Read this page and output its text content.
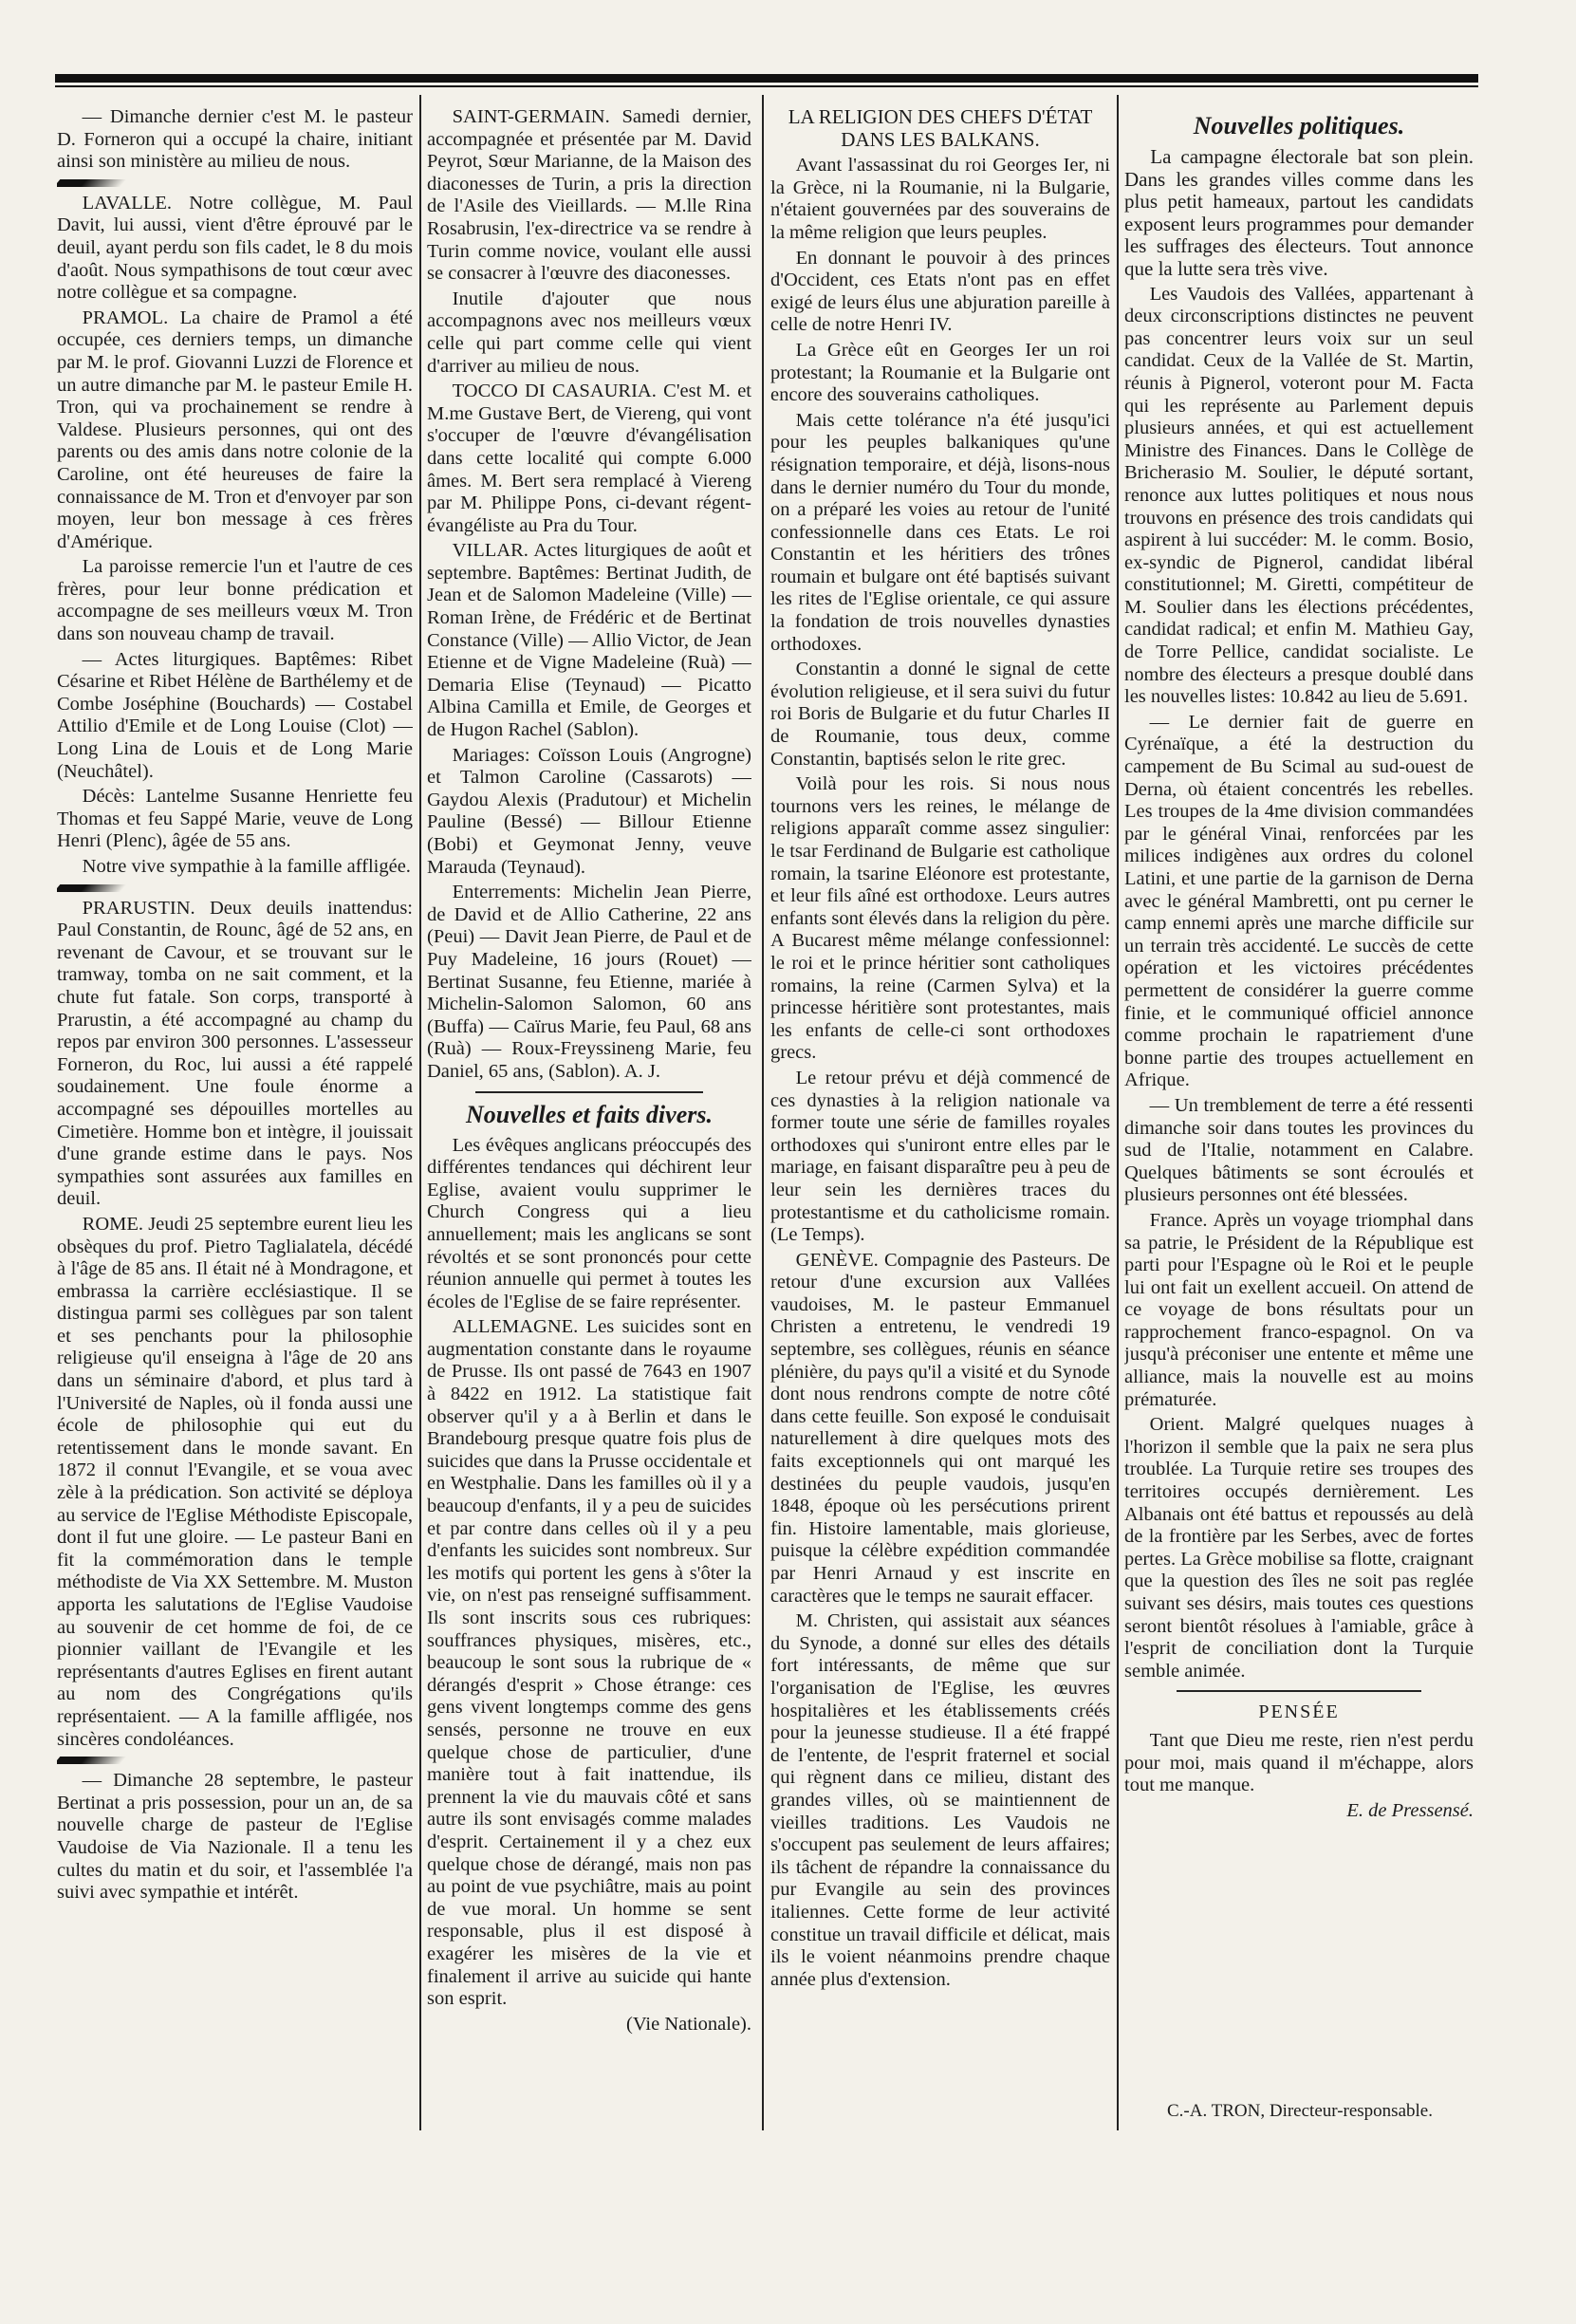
— Dimanche dernier c'est M. le pasteur D. Forneron qui a occupé la chaire, initiant ainsi son ministère au milieu de nous.

LAVALLE. Notre collègue, M. Paul Davit, lui aussi, vient d'être éprouvé par le deuil, ayant perdu son fils cadet, le 8 du mois d'août. Nous sympathisons de tout cœur avec notre collègue et sa compagne.

PRAMOL. La chaire de Pramol a été occupée, ces derniers temps, un dimanche par M. le prof. Giovanni Luzzi de Florence et un autre dimanche par M. le pasteur Emile H. Tron, qui va prochainement se rendre à Valdese. Plusieurs personnes, qui ont des parents ou des amis dans notre colonie de la Caroline, ont été heureuses de faire la connaissance de M. Tron et d'envoyer par son moyen, leur bon message à ces frères d'Amérique.

La paroisse remercie l'un et l'autre de ces frères, pour leur bonne prédication et accompagne de ses meilleurs vœux M. Tron dans son nouveau champ de travail.

— Actes liturgiques. Baptêmes: Ribet Césarine et Ribet Hélène de Barthélemy et de Combe Joséphine (Bouchards) — Costabel Attilio d'Emile et de Long Louise (Clot) — Long Lina de Louis et de Long Marie (Neuchâtel).

Décès: Lantelme Susanne Henriette feu Thomas et feu Sappé Marie, veuve de Long Henri (Plenc), âgée de 55 ans.

Notre vive sympathie à la famille affligée.

PRARUSTIN. Deux deuils inattendus: Paul Constantin, de Rounc, âgé de 52 ans, en revenant de Cavour, et se trouvant sur le tramway, tomba on ne sait comment, et la chute fut fatale. Son corps, transporté à Prarustin, a été accompagné au champ du repos par environ 300 personnes. L'assesseur Forneron, du Roc, lui aussi a été rappelé soudainement. Une foule énorme a accompagné ses dépouilles mortelles au Cimetière. Homme bon et intègre, il jouissait d'une grande estime dans le pays. Nos sympathies sont assurées aux familles en deuil.

ROME. Jeudi 25 septembre eurent lieu les obsèques du prof. Pietro Taglialatela, décédé à l'âge de 85 ans. Il était né à Mondragone, et embrassa la carrière ecclésiastique. Il se distingua parmi ses collègues par son talent et ses penchants pour la philosophie religieuse qu'il enseigna à l'âge de 20 ans dans un séminaire d'abord, et plus tard à l'Université de Naples, où il fonda aussi une école de philosophie qui eut du retentissement dans le monde savant. En 1872 il connut l'Evangile, et se voua avec zèle à la prédication. Son activité se déploya au service de l'Eglise Méthodiste Episcopale, dont il fut une gloire. — Le pasteur Bani en fit la commémoration dans le temple méthodiste de Via XX Settembre. M. Muston apporta les salutations de l'Eglise Vaudoise au souvenir de cet homme de foi, de ce pionnier vaillant de l'Evangile et les représentants d'autres Eglises en firent autant au nom des Congrégations qu'ils représentaient. — A la famille affligée, nos sincères condoléances.

— Dimanche 28 septembre, le pasteur Bertinat a pris possession, pour un an, de sa nouvelle charge de pasteur de l'Eglise Vaudoise de Via Nazionale. Il a tenu les cultes du matin et du soir, et l'assemblée l'a suivi avec sympathie et intérêt.

SAINT-GERMAIN. Samedi dernier, accompagnée et présentée par M. David Peyrot, Sœur Marianne, de la Maison des diaconesses de Turin, a pris la direction de l'Asile des Vieillards. — M.lle Rina Rosabrusin, l'ex-directrice va se rendre à Turin comme novice, voulant elle aussi se consacrer à l'œuvre des diaconesses.

Inutile d'ajouter que nous accompagnons avec nos meilleurs vœux celle qui part comme celle qui vient d'arriver au milieu de nous.

TOCCO DI CASAURIA. C'est M. et M.me Gustave Bert, de Viereng, qui vont s'occuper de l'œuvre d'évangélisation dans cette localité qui compte 6.000 âmes. M. Bert sera remplacé à Viereng par M. Philippe Pons, ci-devant régent-évangéliste au Pra du Tour.

VILLAR. Actes liturgiques de août et septembre. Baptêmes: Bertinat Judith, de Jean et de Salomon Madeleine (Ville) — Roman Irène, de Frédéric et de Bertinat Constance (Ville) — Allio Victor, de Jean Etienne et de Vigne Madeleine (Ruà) — Demaria Elise (Teynaud) — Picatto Albina Camilla et Emile, de Georges et de Hugon Rachel (Sablon).

Mariages: Coïsson Louis (Angrogne) et Talmon Caroline (Cassarots) — Gaydou Alexis (Pradutour) et Michelin Pauline (Bessé) — Billour Etienne (Bobi) et Geymonat Jenny, veuve Marauda (Teynaud).

Enterrements: Michelin Jean Pierre, de David et de Allio Catherine, 22 ans (Peui) — Davit Jean Pierre, de Paul et de Puy Madeleine, 16 jours (Rouet) — Bertinat Susanne, feu Etienne, mariée à Michelin-Salomon Salomon, 60 ans (Buffa) — Caïrus Marie, feu Paul, 68 ans (Ruà) — Roux-Freyssineng Marie, feu Daniel, 65 ans, (Sablon). A. J.

Nouvelles et faits divers.

Les évêques anglicans préoccupés des différentes tendances qui déchirent leur Eglise, avaient voulu supprimer le Church Congress qui a lieu annuellement; mais les anglicans se sont révoltés et se sont prononcés pour cette réunion annuelle qui permet à toutes les écoles de l'Eglise de se faire représenter.

ALLEMAGNE. Les suicides sont en augmentation constante dans le royaume de Prusse. Ils ont passé de 7643 en 1907 à 8422 en 1912. La statistique fait observer qu'il y a à Berlin et dans le Brandebourg presque quatre fois plus de suicides que dans la Prusse occidentale et en Westphalie. Dans les familles où il y a beaucoup d'enfants, il y a peu de suicides et par contre dans celles où il y a peu d'enfants les suicides sont nombreux. Sur les motifs qui portent les gens à s'ôter la vie, on n'est pas renseigné suffisamment. Ils sont inscrits sous ces rubriques: souffrances physiques, misères, etc., beaucoup le sont sous la rubrique de « dérangés d'esprit » Chose étrange: ces gens vivent longtemps comme des gens sensés, personne ne trouve en eux quelque chose de particulier, d'une manière tout à fait inattendue, ils prennent la vie du mauvais côté et sans autre ils sont envisagés comme malades d'esprit. Certainement il y a chez eux quelque chose de dérangé, mais non pas au point de vue psychiâtre, mais au point de vue moral. Un homme se sent responsable, plus il est disposé à exagérer les misères de la vie et finalement il arrive au suicide qui hante son esprit.

(Vie Nationale).

LA RELIGION DES CHEFS D'ÉTAT DANS LES BALKANS.

Avant l'assassinat du roi Georges Ier, ni la Grèce, ni la Roumanie, ni la Bulgarie, n'étaient gouvernées par des souverains de la même religion que leurs peuples.

En donnant le pouvoir à des princes d'Occident, ces Etats n'ont pas en effet exigé de leurs élus une abjuration pareille à celle de notre Henri IV.

La Grèce eût en Georges Ier un roi protestant; la Roumanie et la Bulgarie ont encore des souverains catholiques.

Mais cette tolérance n'a été jusqu'ici pour les peuples balkaniques qu'une résignation temporaire, et déjà, lisons-nous dans le dernier numéro du Tour du monde, on a préparé les voies au retour de l'unité confessionnelle dans ces Etats. Le roi Constantin et les héritiers des trônes roumain et bulgare ont été baptisés suivant les rites de l'Eglise orientale, ce qui assure la fondation de trois nouvelles dynasties orthodoxes.

Constantin a donné le signal de cette évolution religieuse, et il sera suivi du futur roi Boris de Bulgarie et du futur Charles II de Roumanie, tous deux, comme Constantin, baptisés selon le rite grec.

Voilà pour les rois. Si nous nous tournons vers les reines, le mélange de religions apparaît comme assez singulier: le tsar Ferdinand de Bulgarie est catholique romain, la tsarine Eléonore est protestante, et leur fils aîné est orthodoxe. Leurs autres enfants sont élevés dans la religion du père. A Bucarest même mélange confessionnel: le roi et le prince héritier sont catholiques romains, la reine (Carmen Sylva) et la princesse héritière sont protestantes, mais les enfants de celle-ci sont orthodoxes grecs.

Le retour prévu et déjà commencé de ces dynasties à la religion nationale va former toute une série de familles royales orthodoxes qui s'uniront entre elles par le mariage, en faisant disparaître peu à peu de leur sein les dernières traces du protestantisme et du catholicisme romain. (Le Temps).

GENÈVE. Compagnie des Pasteurs. De retour d'une excursion aux Vallées vaudoises, M. le pasteur Emmanuel Christen a entretenu, le vendredi 19 septembre, ses collègues, réunis en séance plénière, du pays qu'il a visité et du Synode dont nous rendrons compte de notre côté dans cette feuille. Son exposé le conduisait naturellement à dire quelques mots des faits exceptionnels qui ont marqué les destinées du peuple vaudois, jusqu'en 1848, époque où les persécutions prirent fin. Histoire lamentable, mais glorieuse, puisque la célèbre expédition commandée par Henri Arnaud y est inscrite en caractères que le temps ne saurait effacer.

M. Christen, qui assistait aux séances du Synode, a donné sur elles des détails fort intéressants, de même que sur l'organisation de l'Eglise, les œuvres hospitalières et les établissements créés pour la jeunesse studieuse. Il a été frappé de l'entente, de l'esprit fraternel et social qui règnent dans ce milieu, distant des grandes villes, où se maintiennent de vieilles traditions. Les Vaudois ne s'occupent pas seulement de leurs affaires; ils tâchent de répandre la connaissance du pur Evangile au sein des provinces italiennes. Cette forme de leur activité constitue un travail difficile et délicat, mais ils le voient néanmoins prendre chaque année plus d'extension.

Nouvelles politiques.

La campagne électorale bat son plein. Dans les grandes villes comme dans les plus petit hameaux, partout les candidats exposent leurs programmes pour demander les suffrages des électeurs. Tout annonce que la lutte sera très vive.

Les Vaudois des Vallées, appartenant à deux circonscriptions distinctes ne peuvent pas concentrer leurs voix sur un seul candidat. Ceux de la Vallée de St. Martin, réunis à Pignerol, voteront pour M. Facta qui les représente au Parlement depuis plusieurs années, et qui est actuellement Ministre des Finances. Dans le Collège de Bricherasio M. Soulier, le député sortant, renonce aux luttes politiques et nous nous trouvons en présence des trois candidats qui aspirent à lui succéder: M. le comm. Bosio, ex-syndic de Pignerol, candidat libéral constitutionnel; M. Giretti, compétiteur de M. Soulier dans les élections précédentes, candidat radical; et enfin M. Mathieu Gay, de Torre Pellice, candidat socialiste. Le nombre des électeurs a presque doublé dans les nouvelles listes: 10.842 au lieu de 5.691.

— Le dernier fait de guerre en Cyrénaïque, a été la destruction du campement de Bu Scimal au sud-ouest de Derna, où étaient concentrés les rebelles. Les troupes de la 4me division commandées par le général Vinai, renforcées par les milices indigènes aux ordres du colonel Latini, et une partie de la garnison de Derna avec le général Mambretti, ont pu cerner le camp ennemi après une marche difficile sur un terrain très accidenté. Le succès de cette opération et les victoires précédentes permettent de considérer la guerre comme finie, et le communiqué officiel annonce comme prochain le rapatriement d'une bonne partie des troupes actuellement en Afrique.

— Un tremblement de terre a été ressenti dimanche soir dans toutes les provinces du sud de l'Italie, notamment en Calabre. Quelques bâtiments se sont écroulés et plusieurs personnes ont été blessées.

France. Après un voyage triomphal dans sa patrie, le Président de la République est parti pour l'Espagne où le Roi et le peuple lui ont fait un exellent accueil. On attend de ce voyage de bons résultats pour un rapprochement franco-espagnol. On va jusqu'à préconiser une entente et même une alliance, mais la nouvelle est au moins prématurée.

Orient. Malgré quelques nuages à l'horizon il semble que la paix ne sera plus troublée. La Turquie retire ses troupes des territoires occupés dernièrement. Les Albanais ont été battus et repoussés au delà de la frontière par les Serbes, avec de fortes pertes. La Grèce mobilise sa flotte, craignant que la question des îles ne soit pas reglée suivant ses désirs, mais toutes ces questions seront bientôt résolues à l'amiable, grâce à l'esprit de conciliation dont la Turquie semble animée.

PENSÉE

Tant que Dieu me reste, rien n'est perdu pour moi, mais quand il m'échappe, alors tout me manque.

E. de Pressensé.

C.-A. TRON, Directeur-responsable.
